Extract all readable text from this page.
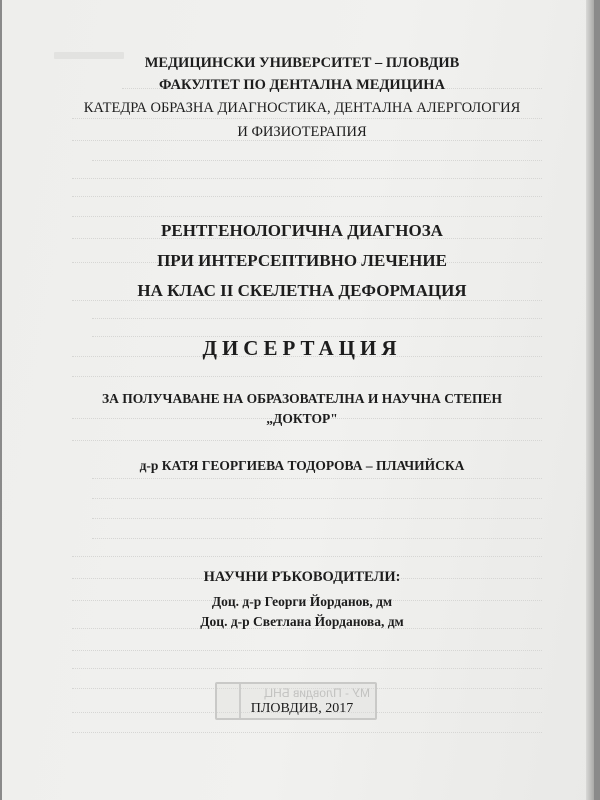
МЕДИЦИНСКИ УНИВЕРСИТЕТ – ПЛОВДИВ
ФАКУЛТЕТ ПО ДЕНТАЛНА МЕДИЦИНА
КАТЕДРА ОБРАЗНА ДИАГНОСТИКА, ДЕНТАЛНА АЛЕРГОЛОГИЯ
И ФИЗИОТЕРАПИЯ
РЕНТГЕНОЛОГИЧНА ДИАГНОЗА
ПРИ ИНТЕРСЕПТИВНО ЛЕЧЕНИЕ
НА КЛАС II СКЕЛЕТНА ДЕФОРМАЦИЯ
ДИСЕРТАЦИЯ
ЗА ПОЛУЧАВАНЕ НА ОБРАЗОВАТЕЛНА И НАУЧНА СТЕПЕН
„ДОКТОР"
д-р КАТЯ ГЕОРГИЕВА ТОДОРОВА – ПЛАЧИЙСКА
НАУЧНИ РЪКОВОДИТЕЛИ:
Доц. д-р Георги Йорданов, дм
Доц. д-р Светлана Йорданова, дм
МУ - Пловдив БНЦ
ПЛОВДИВ, 2017
